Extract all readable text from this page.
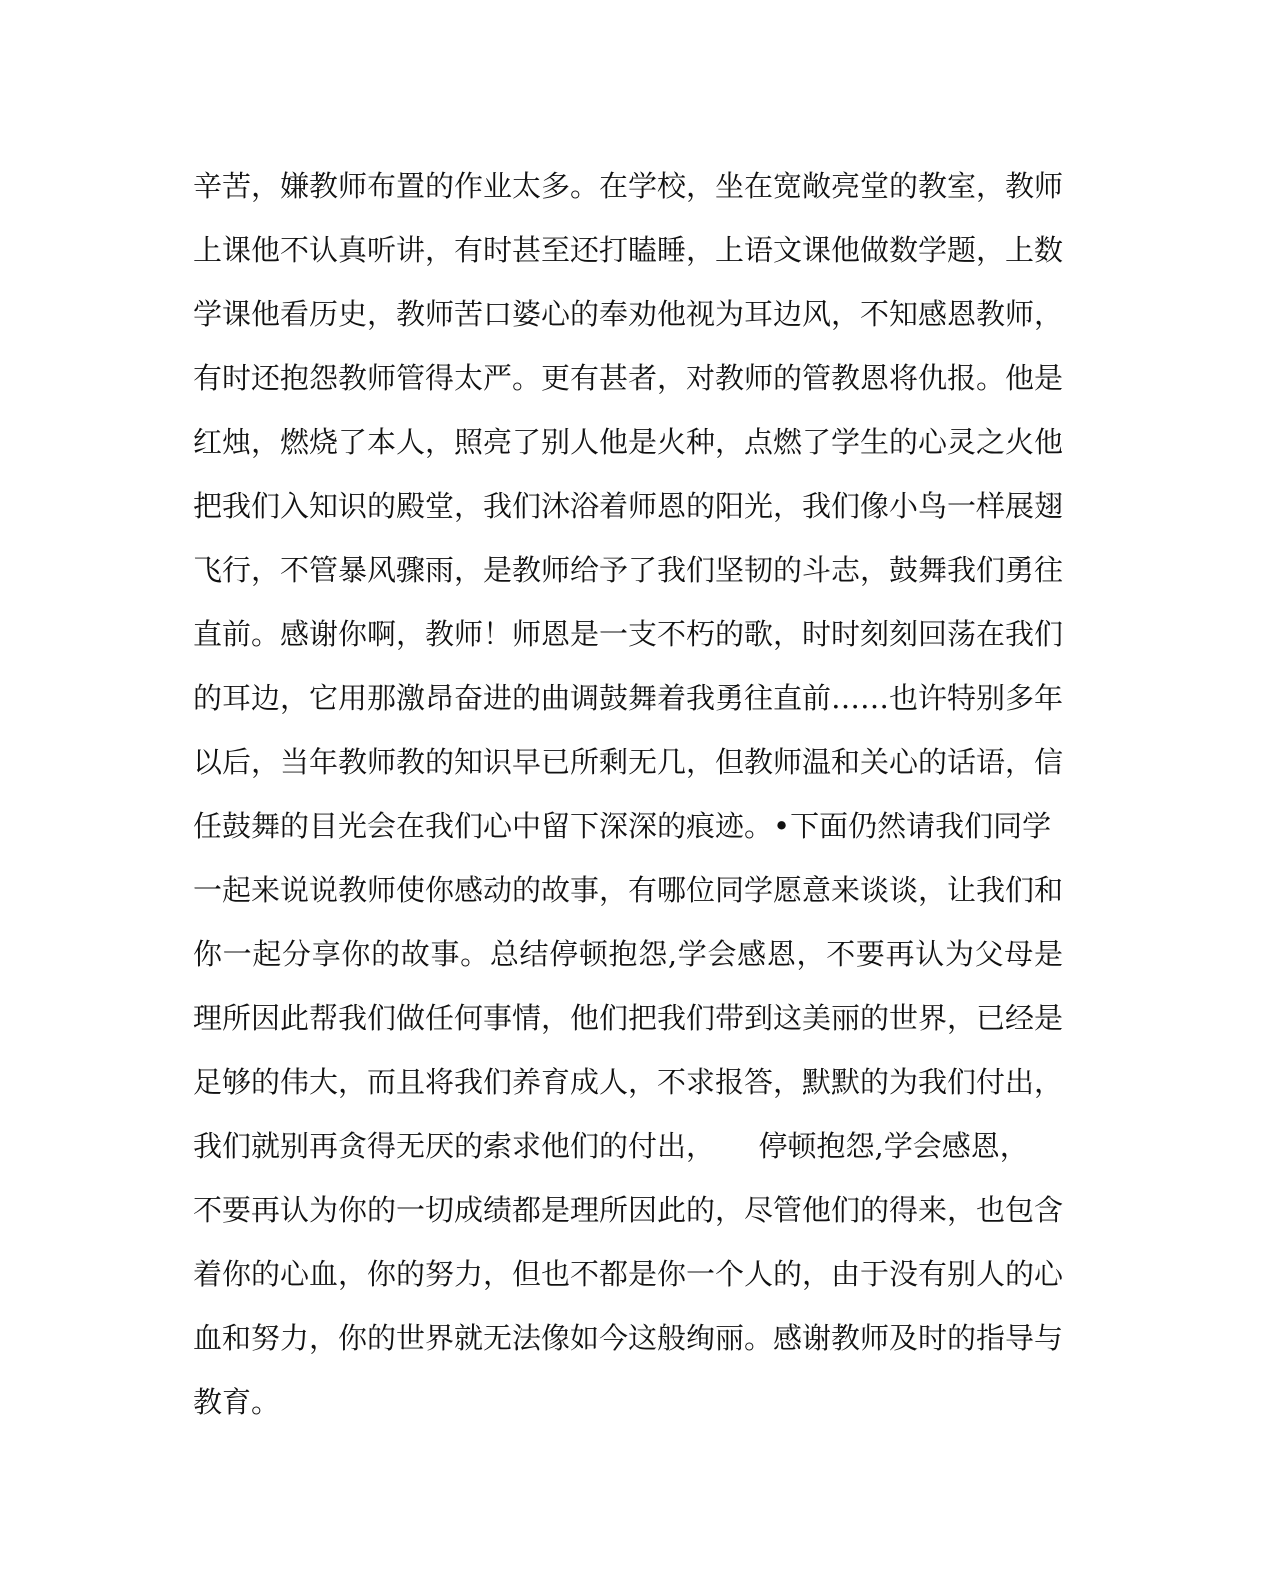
辛苦，嫌教师布置的作业太多。在学校，坐在宽敞亮堂的教室，教师
上课他不认真听讲，有时甚至还打瞌睡，上语文课他做数学题，上数
学课他看历史，教师苦口婆心的奉劝他视为耳边风，不知感恩教师，
有时还抱怨教师管得太严。更有甚者，对教师的管教恩将仇报。他是
红烛，燃烧了本人，照亮了别人他是火种，点燃了学生的心灵之火他
把我们入知识的殿堂，我们沐浴着师恩的阳光，我们像小鸟一样展翅
飞行，不管暴风骤雨，是教师给予了我们坚韧的斗志，鼓舞我们勇往
直前。感谢你啊，教师！师恩是一支不朽的歌，时时刻刻回荡在我们
的耳边，它用那激昂奋进的曲调鼓舞着我勇往直前……也许特别多年
以后，当年教师教的知识早已所剩无几，但教师温和关心的话语，信
任鼓舞的目光会在我们心中留下深深的痕迹。•下面仍然请我们同学
一起来说说教师使你感动的故事，有哪位同学愿意来谈谈，让我们和
你一起分享你的故事。总结停顿抱怨,学会感恩，不要再认为父母是
理所因此帮我们做任何事情，他们把我们带到这美丽的世界，已经是
足够的伟大，而且将我们养育成人，不求报答，默默的为我们付出，
我们就别再贪得无厌的索求他们的付出，　　停顿抱怨,学会感恩，
不要再认为你的一切成绩都是理所因此的，尽管他们的得来，也包含
着你的心血，你的努力，但也不都是你一个人的，由于没有别人的心
血和努力，你的世界就无法像如今这般绚丽。感谢教师及时的指导与
教育。
